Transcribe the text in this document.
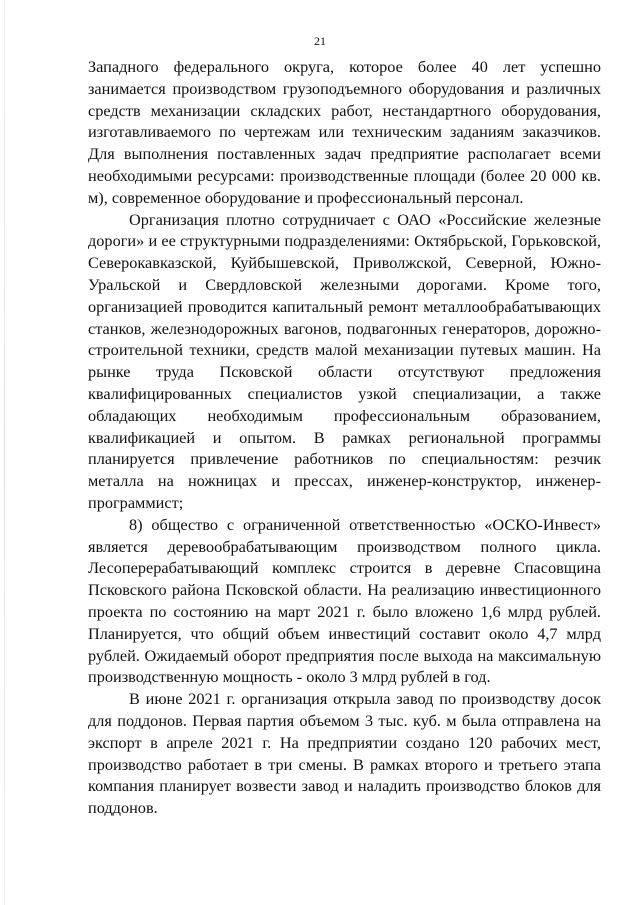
21

Западного федерального округа, которое более 40 лет успешно занимается производством грузоподъемного оборудования и различных средств механизации складских работ, нестандартного оборудования, изготавливаемого по чертежам или техническим заданиям заказчиков. Для выполнения поставленных задач предприятие располагает всеми необходимыми ресурсами: производственные площади (более 20 000 кв. м), современное оборудование и профессиональный персонал.

Организация плотно сотрудничает с ОАО «Российские железные дороги» и ее структурными подразделениями: Октябрьской, Горьковской, Северокавказской, Куйбышевской, Приволжской, Северной, Южно-Уральской и Свердловской железными дорогами. Кроме того, организацией проводится капитальный ремонт металлообрабатывающих станков, железнодорожных вагонов, подвагонных генераторов, дорожно-строительной техники, средств малой механизации путевых машин. На рынке труда Псковской области отсутствуют предложения квалифицированных специалистов узкой специализации, а также обладающих необходимым профессиональным образованием, квалификацией и опытом. В рамках региональной программы планируется привлечение работников по специальностям: резчик металла на ножницах и прессах, инженер-конструктор, инженер-программист;

8) общество с ограниченной ответственностью «ОСКО-Инвест» является деревообрабатывающим производством полного цикла. Лесоперерабатывающий комплекс строится в деревне Спасовщина Псковского района Псковской области. На реализацию инвестиционного проекта по состоянию на март 2021 г. было вложено 1,6 млрд рублей. Планируется, что общий объем инвестиций составит около 4,7 млрд рублей. Ожидаемый оборот предприятия после выхода на максимальную производственную мощность - около 3 млрд рублей в год.

В июне 2021 г. организация открыла завод по производству досок для поддонов. Первая партия объемом 3 тыс. куб. м была отправлена на экспорт в апреле 2021 г. На предприятии создано 120 рабочих мест, производство работает в три смены. В рамках второго и третьего этапа компания планирует возвести завод и наладить производство блоков для поддонов.
